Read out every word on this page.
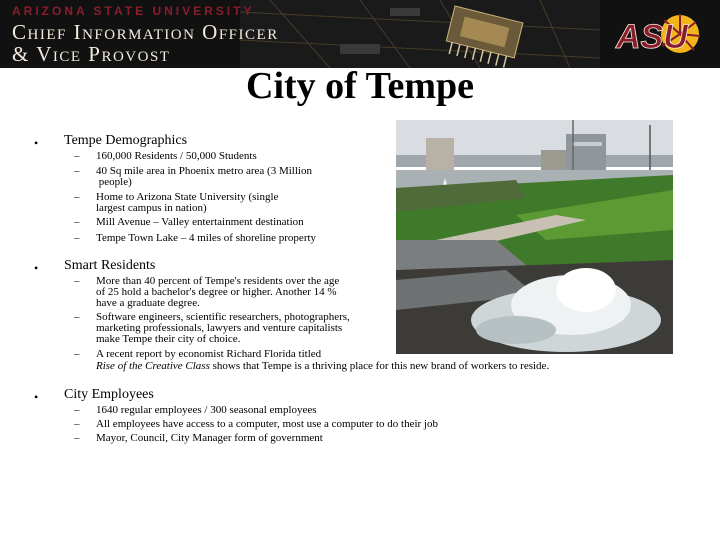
ARIZONA STATE UNIVERSITY
Chief Information Officer
& Vice Provost	ASU
City of Tempe
• Tempe Demographics
– 160,000 Residents / 50,000 Students
– 40 Sq mile area in Phoenix metro area (3 Million
people)
– Home to Arizona State University (single
largest campus in nation)
– Mill Avenue – Valley entertainment destination
– Tempe Town Lake – 4 miles of shoreline property
• Smart Residents
– More than 40 percent of Tempe's residents over the age
of 25 hold a bachelor's degree or higher. Another 14 %
have a graduate degree.
– Software engineers, scientific researchers, photographers,
marketing professionals, lawyers and venture capitalists
make Tempe their city of choice.
– A recent report by economist Richard Florida titled
Rise of the Creative Class shows that Tempe is a thriving place for this new brand of workers to reside.
• City Employees
– 1640 regular employees / 300 seasonal employees
– All employees have access to a computer, most use a computer to do their job
– Mayor, Council, City Manager form of government
